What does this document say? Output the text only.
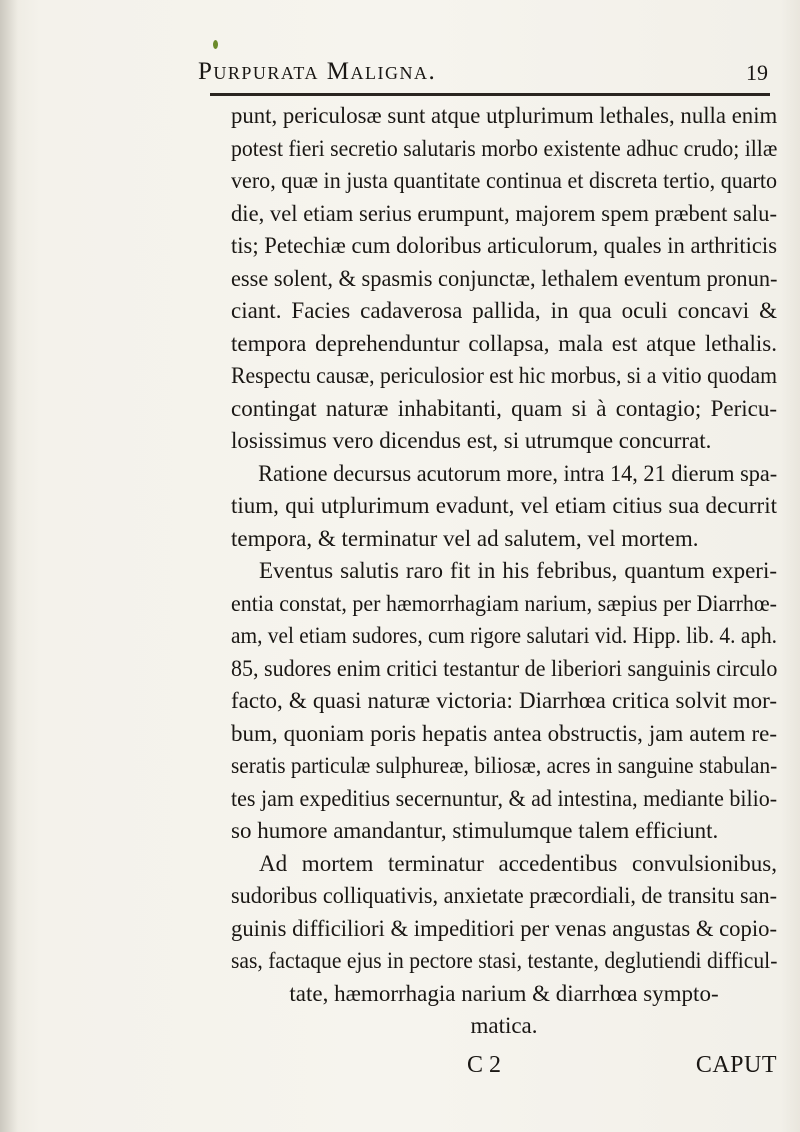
Purpurata Maligna.	19
punt, periculosæ sunt atque utplurimum lethales, nulla enim
potest fieri secretio salutaris morbo existente adhuc crudo; illæ
vero, quæ in justa quantitate continua et discreta tertio, quarto
die, vel etiam serius erumpunt, majorem spem præbent salu-
tis; Petechiæ cum doloribus articulorum, quales in arthriticis
esse solent, & spasmis conjunctæ, lethalem eventum pronun-
ciant. Facies cadaverosa pallida, in qua oculi concavi &
tempora deprehenduntur collapsa, mala est atque lethalis.
Respectu causæ, periculosior est hic morbus, si a vitio quodam
contingat naturæ inhabitanti, quam si à contagio; Pericu-
losissimus vero dicendus est, si utrumque concurrat.
Ratione decursus acutorum more, intra 14, 21 dierum spa-
tium, qui utplurimum evadunt, vel etiam citius sua decurrit
tempora, & terminatur vel ad salutem, vel mortem.
Eventus salutis raro fit in his febribus, quantum experi-
entia constat, per hæmorrhagiam narium, sæpius per Diarrhœ-
am, vel etiam sudores, cum rigore salutari vid. Hipp. lib. 4. aph.
85, sudores enim critici testantur de liberiori sanguinis circulo
facto, & quasi naturæ victoria: Diarrhœa critica solvit mor-
bum, quoniam poris hepatis antea obstructis, jam autem re-
seratis particulæ sulphureæ, biliosæ, acres in sanguine stabulan-
tes jam expeditius secernuntur, & ad intestina, mediante bilio-
so humore amandantur, stimulumque talem efficiunt.
Ad mortem terminatur accedentibus convulsionibus,
sudoribus colliquativis, anxietate præcordiali, de transitu san-
guinis difficiliori & impeditiori per venas angustas & copio-
sas, factaque ejus in pectore stasi, testante, deglutiendi difficul-
tate, hæmorrhagia narium & diarrhœa sympto-
matica.
C 2	CAPUT
